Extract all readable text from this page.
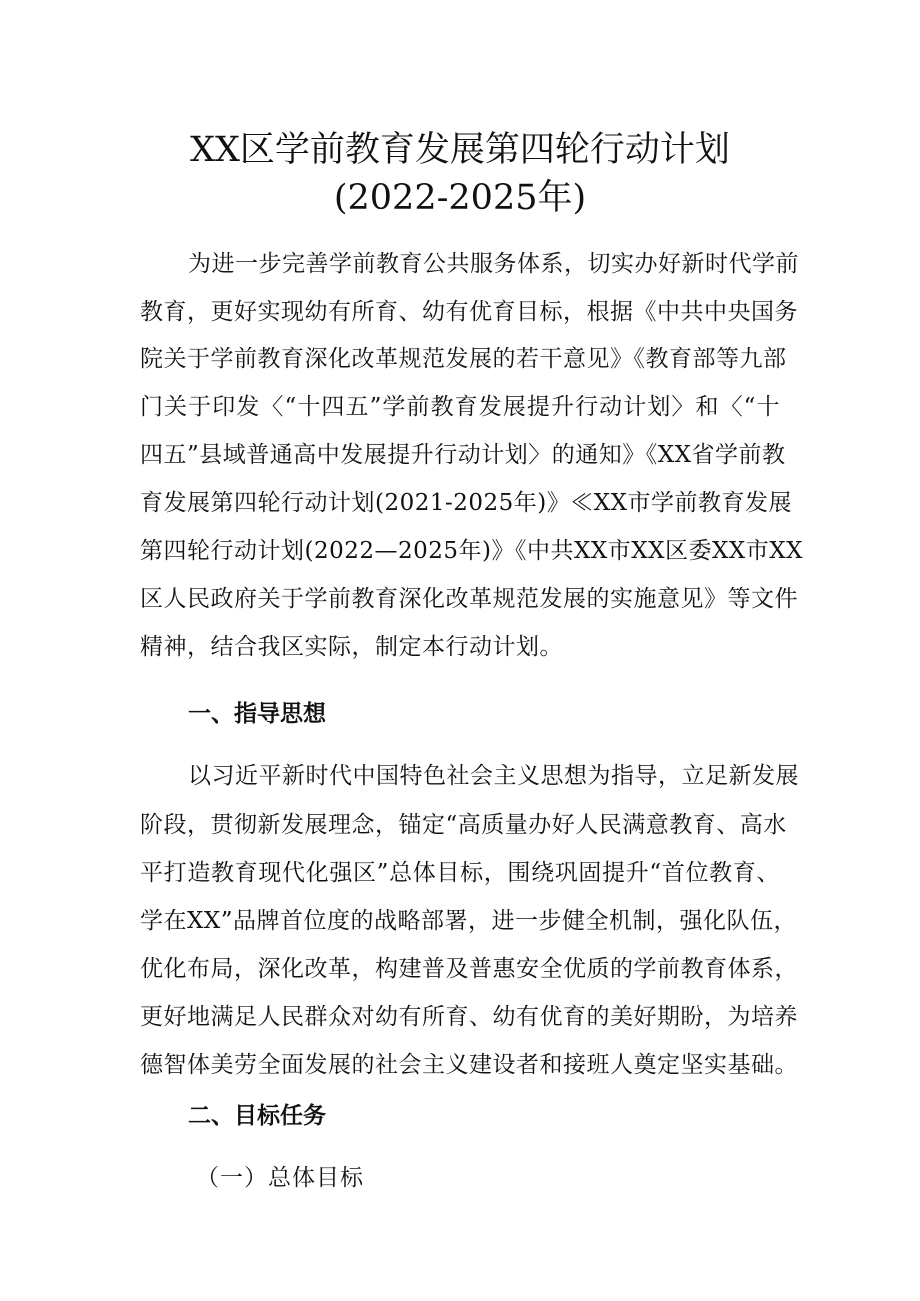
XX区学前教育发展第四轮行动计划
(2022-2025年)
为进一步完善学前教育公共服务体系，切实办好新时代学前
教育，更好实现幼有所育、幼有优育目标，根据《中共中央国务
院关于学前教育深化改革规范发展的若干意见》《教育部等九部
门关于印发〈“十四五”学前教育发展提升行动计划〉和〈“十
四五”县域普通高中发展提升行动计划〉的通知》《XX省学前教
育发展第四轮行动计划(2021-2025年)》≪XX市学前教育发展
第四轮行动计划(2022—2025年)》《中共XX市XX区委XX市XX
区人民政府关于学前教育深化改革规范发展的实施意见》等文件
精神，结合我区实际，制定本行动计划。
一、指导思想
以习近平新时代中国特色社会主义思想为指导，立足新发展
阶段，贯彻新发展理念，锚定“高质量办好人民满意教育、高水
平打造教育现代化强区”总体目标，围绕巩固提升“首位教育、
学在XX”品牌首位度的战略部署，进一步健全机制，强化队伍，
优化布局，深化改革，构建普及普惠安全优质的学前教育体系，
更好地满足人民群众对幼有所育、幼有优育的美好期盼，为培养
德智体美劳全面发展的社会主义建设者和接班人奠定坚实基础。
二、目标任务
（一）总体目标
